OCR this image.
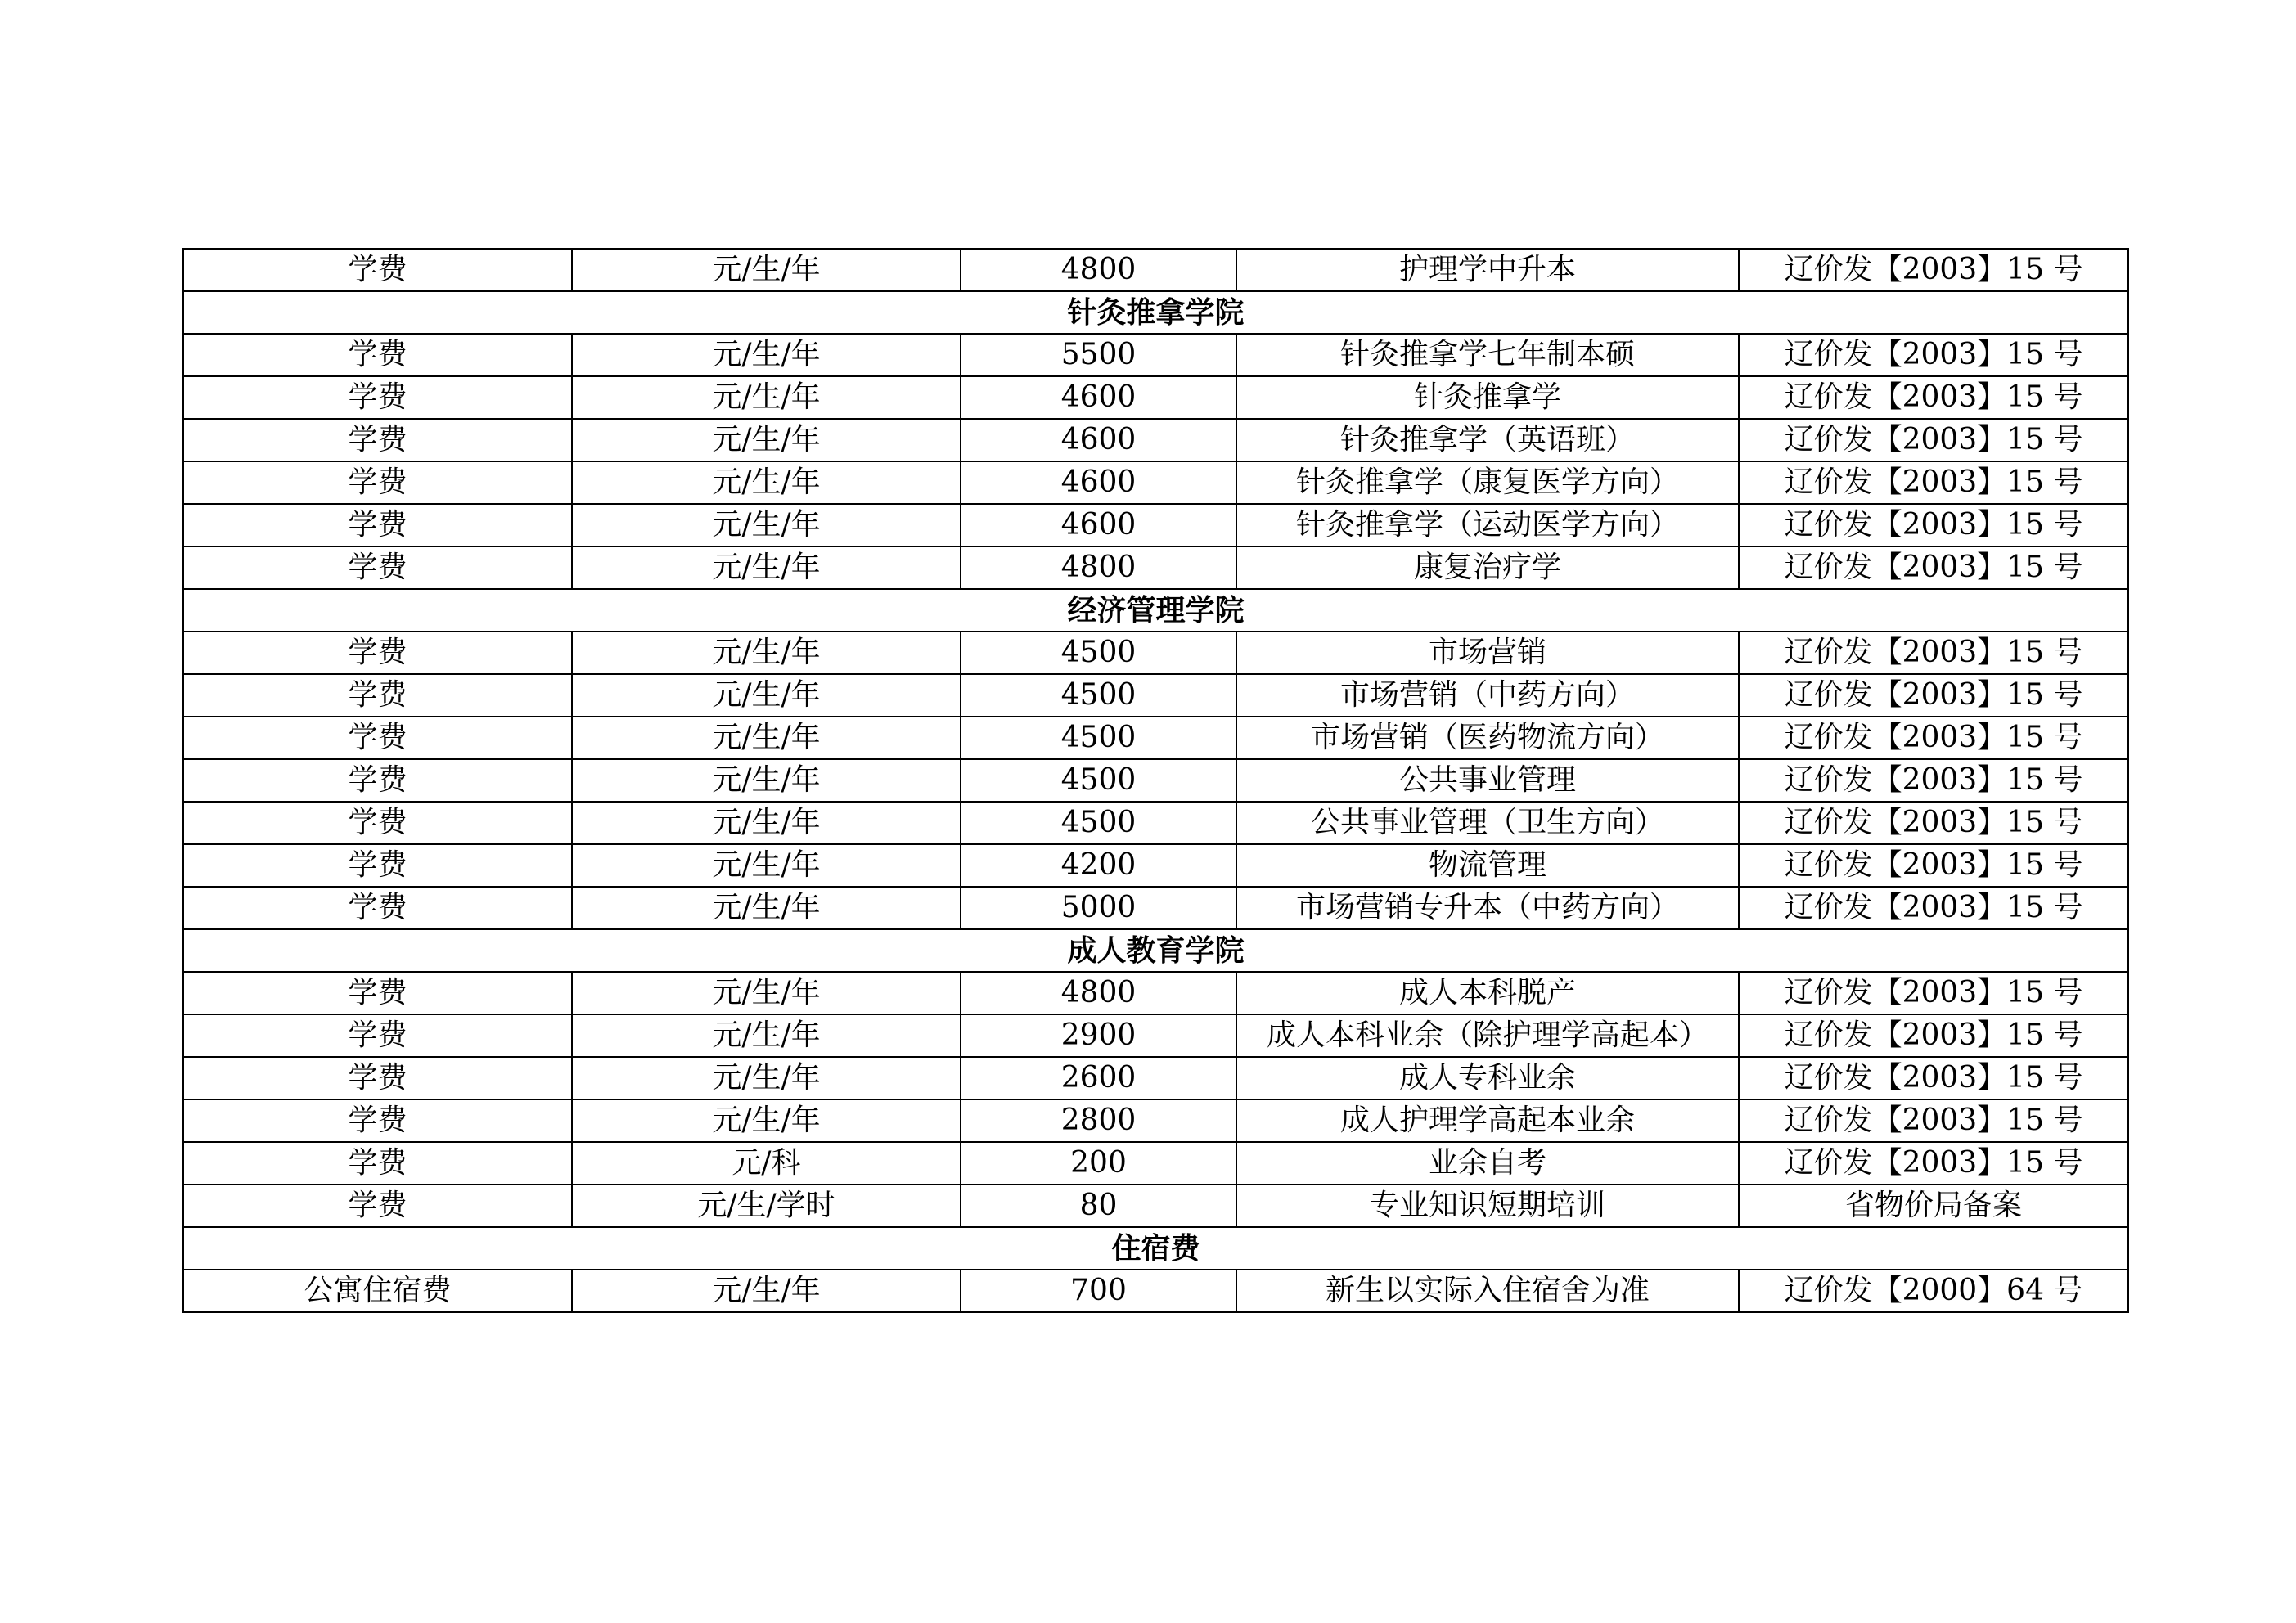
学费	元/生/年	4800	护理学中升本	辽价发【2003】15 号
针灸推拿学院				
学费	元/生/年	5500	针灸推拿学七年制本硕	辽价发【2003】15 号
学费	元/生/年	4600	针灸推拿学	辽价发【2003】15 号
学费	元/生/年	4600	针灸推拿学（英语班）	辽价发【2003】15 号
学费	元/生/年	4600	针灸推拿学（康复医学方向）	辽价发【2003】15 号
学费	元/生/年	4600	针灸推拿学（运动医学方向）	辽价发【2003】15 号
学费	元/生/年	4800	康复治疗学	辽价发【2003】15 号
经济管理学院				
学费	元/生/年	4500	市场营销	辽价发【2003】15 号
学费	元/生/年	4500	市场营销（中药方向）	辽价发【2003】15 号
学费	元/生/年	4500	市场营销（医药物流方向）	辽价发【2003】15 号
学费	元/生/年	4500	公共事业管理	辽价发【2003】15 号
学费	元/生/年	4500	公共事业管理（卫生方向）	辽价发【2003】15 号
学费	元/生/年	4200	物流管理	辽价发【2003】15 号
学费	元/生/年	5000	市场营销专升本（中药方向）	辽价发【2003】15 号
成人教育学院				
学费	元/生/年	4800	成人本科脱产	辽价发【2003】15 号
学费	元/生/年	2900	成人本科业余（除护理学高起本）	辽价发【2003】15 号
学费	元/生/年	2600	成人专科业余	辽价发【2003】15 号
学费	元/生/年	2800	成人护理学高起本业余	辽价发【2003】15 号
学费	元/科	200	业余自考	辽价发【2003】15 号
学费	元/生/学时	80	专业知识短期培训	省物价局备案
住宿费				
公寓住宿费	元/生/年	700	新生以实际入住宿舍为准	辽价发【2000】64 号
